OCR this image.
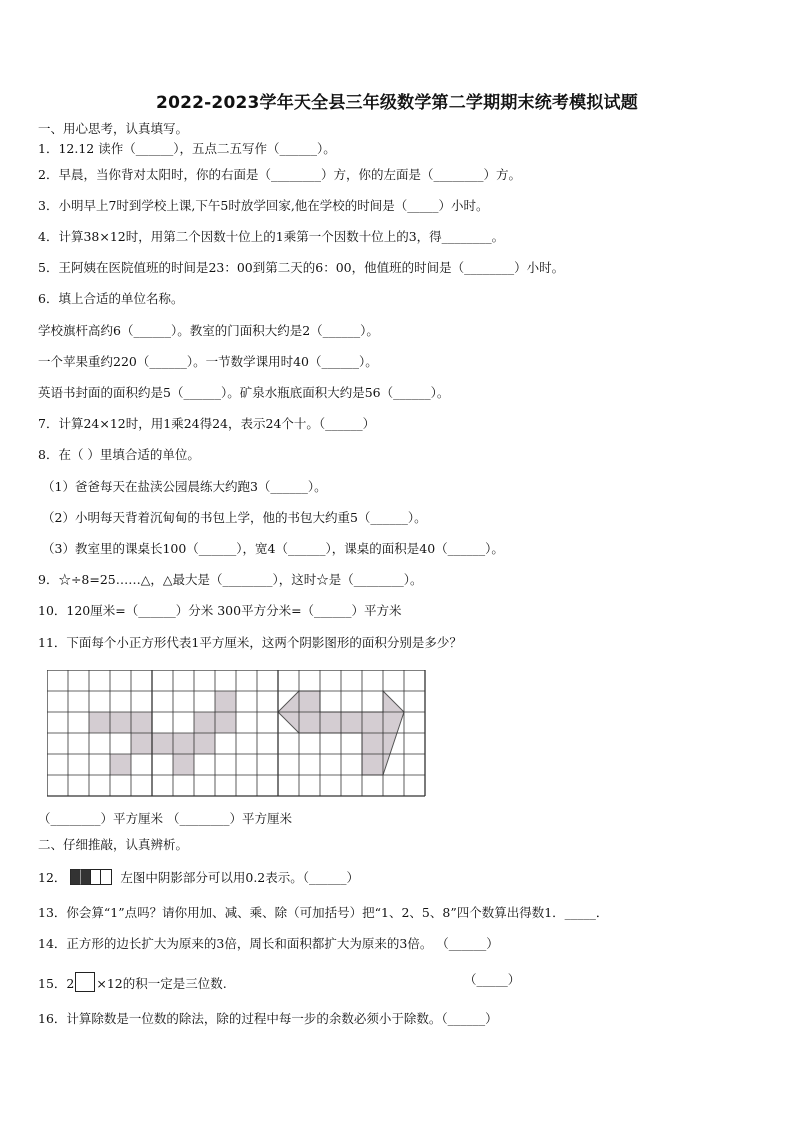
2022-2023学年天全县三年级数学第二学期期末统考模拟试题
一、用心思考，认真填写。
1．12.12 读作（______），五点二五写作（______）。
2．早晨，当你背对太阳时，你的右面是（________）方，你的左面是（________）方。
3．小明早上7时到学校上课,下午5时放学回家,他在学校的时间是（_____）小时。
4．计算38×12时，用第二个因数十位上的1乘第一个因数十位上的3，得________。
5．王阿姨在医院值班的时间是23：00到第二天的6：00，他值班的时间是（________）小时。
6．填上合适的单位名称。
学校旗杆高约6（______）。教室的门面积大约是2（______）。
一个苹果重约220（______）。一节数学课用时40（______）。
英语书封面的面积约是5（______）。矿泉水瓶底面积大约是56（______）。
7．计算24×12时，用1乘24得24，表示24个十。（______）
8．在（ ）里填合适的单位。
（1）爸爸每天在盐渎公园晨练大约跑3（______）。
（2）小明每天背着沉甸甸的书包上学，他的书包大约重5（______）。
（3）教室里的课桌长100（______），宽4（______），课桌的面积是40（______）。
9．☆÷8=25……△，△最大是（________），这时☆是（________）。
10．120厘米=（______）分米 300平方分米=（______）平方米
11．下面每个小正方形代表1平方厘米，这两个阴影图形的面积分别是多少？
（________）平方厘米 （________）平方厘米
二、仔细推敲，认真辨析。
12．	左图中阴影部分可以用0.2表示。（______）
13．你会算“1”点吗？请你用加、减、乘、除（可加括号）把“1、2、5、8”四个数算出得数1．_____．
14．正方形的边长扩大为原来的3倍，周长和面积都扩大为原来的3倍。 （______）
15．2 ×12的积一定是三位数.	（_____）
16．计算除数是一位数的除法，除的过程中每一步的余数必须小于除数。（______）
